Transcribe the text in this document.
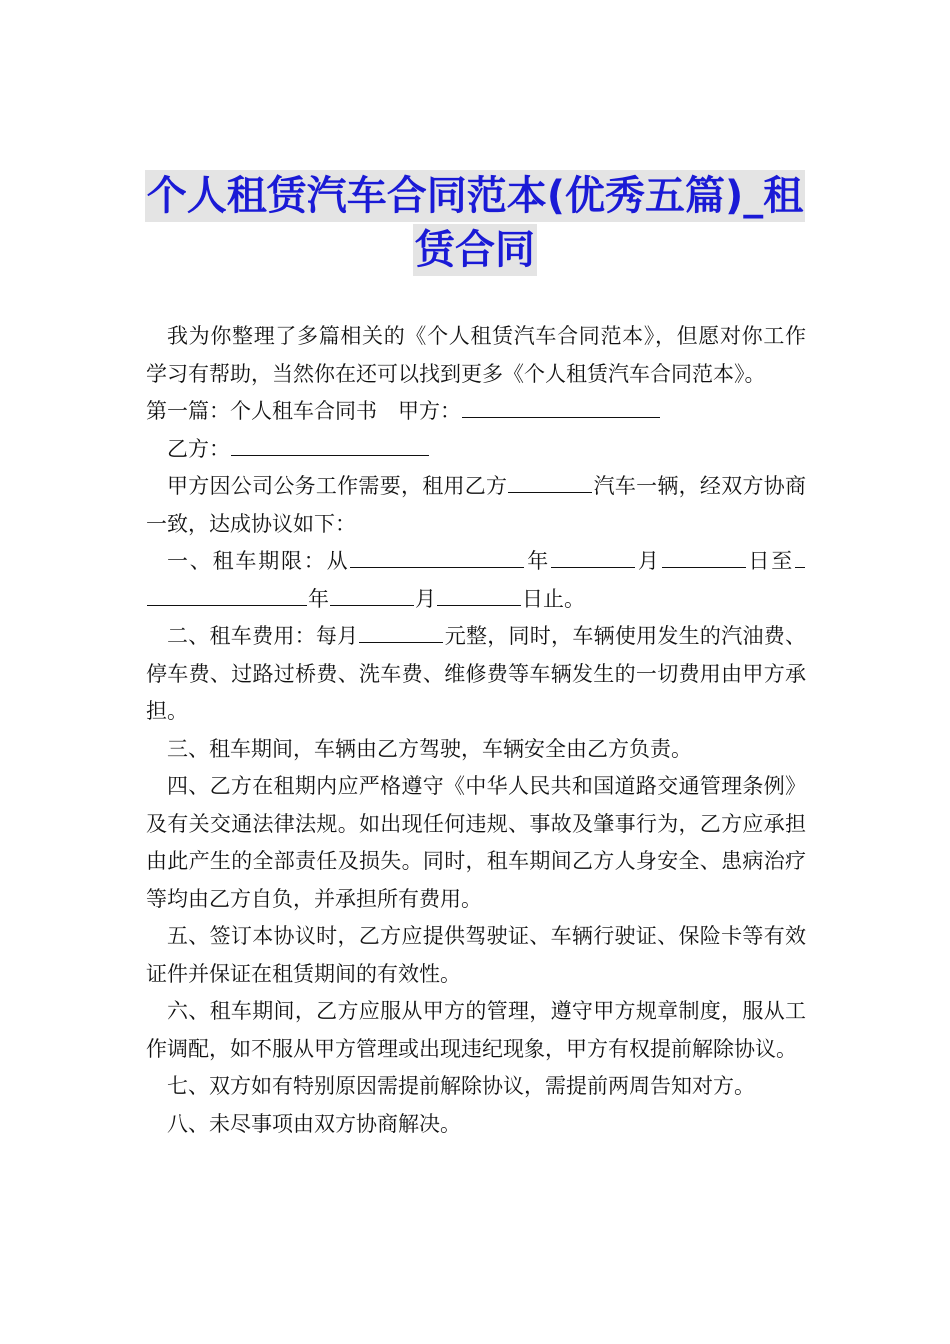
个人租赁汽车合同范本(优秀五篇)_租
赁合同

我为你整理了多篇相关的《个人租赁汽车合同范本》，但愿对你工作学习有帮助，当然你在还可以找到更多《个人租赁汽车合同范本》。

第一篇：个人租车合同书　甲方：

乙方：

甲方因公司公务工作需要，租用乙方	汽车一辆，经双方协商一致，达成协议如下：

一、租车期限：从	年	月	日至年	月	日止。

二、租车费用：每月	元整，同时，车辆使用发生的汽油费、停车费、过路过桥费、洗车费、维修费等车辆发生的一切费用由甲方承担。

三、租车期间，车辆由乙方驾驶，车辆安全由乙方负责。

四、乙方在租期内应严格遵守《中华人民共和国道路交通管理条例》及有关交通法律法规。如出现任何违规、事故及肇事行为，乙方应承担由此产生的全部责任及损失。同时，租车期间乙方人身安全、患病治疗等均由乙方自负，并承担所有费用。

五、签订本协议时，乙方应提供驾驶证、车辆行驶证、保险卡等有效证件并保证在租赁期间的有效性。

六、租车期间，乙方应服从甲方的管理，遵守甲方规章制度，服从工作调配，如不服从甲方管理或出现违纪现象，甲方有权提前解除协议。

七、双方如有特别原因需提前解除协议，需提前两周告知对方。

八、未尽事项由双方协商解决。
